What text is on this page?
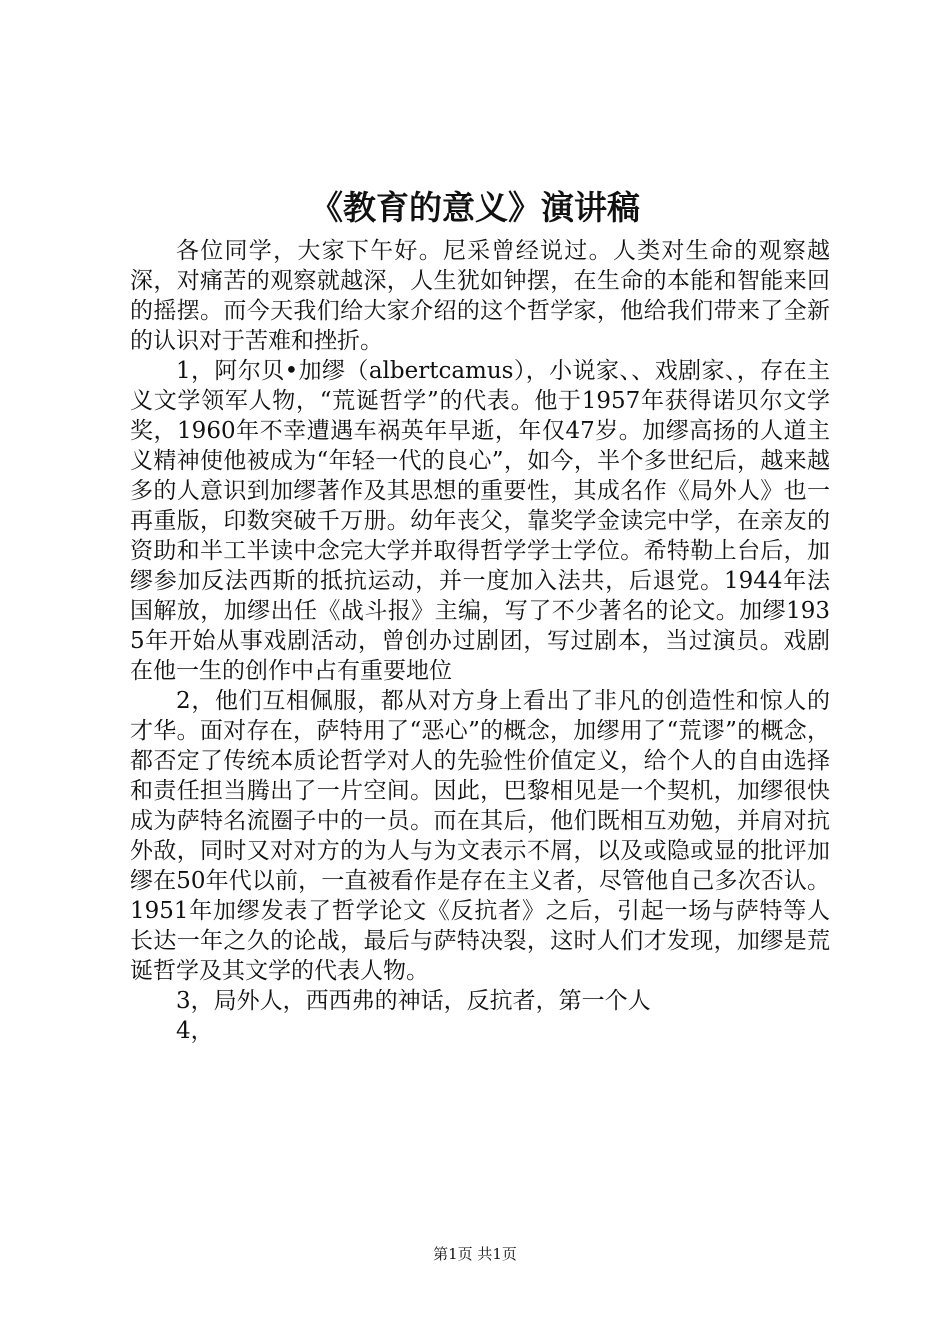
《教育的意义》演讲稿

各位同学，大家下午好。尼采曾经说过。人类对生命的观察越深，对痛苦的观察就越深，人生犹如钟摆，在生命的本能和智能来回的摇摆。而今天我们给大家介绍的这个哲学家，他给我们带来了全新的认识对于苦难和挫折。

1，阿尔贝•加缪（albertcamus），小说家、、戏剧家、，存在主义文学领军人物，“荒诞哲学”的代表。他于1957年获得诺贝尔文学奖，1960年不幸遭遇车祸英年早逝，年仅47岁。加缪高扬的人道主义精神使他被成为“年轻一代的良心”，如今，半个多世纪后，越来越多的人意识到加缪著作及其思想的重要性，其成名作《局外人》也一再重版，印数突破千万册。幼年丧父，靠奖学金读完中学，在亲友的资助和半工半读中念完大学并取得哲学学士学位。希特勒上台后，加缪参加反法西斯的抵抗运动，并一度加入法共，后退党。1944年法国解放，加缪出任《战斗报》主编，写了不少著名的论文。加缪1935年开始从事戏剧活动，曾创办过剧团，写过剧本，当过演员。戏剧在他一生的创作中占有重要地位

2，他们互相佩服，都从对方身上看出了非凡的创造性和惊人的才华。面对存在，萨特用了“恶心”的概念，加缪用了“荒谬”的概念，都否定了传统本质论哲学对人的先验性价值定义，给个人的自由选择和责任担当腾出了一片空间。因此，巴黎相见是一个契机，加缪很快成为萨特名流圈子中的一员。而在其后，他们既相互劝勉，并肩对抗外敌，同时又对对方的为人与为文表示不屑，以及或隐或显的批评加缪在50年代以前，一直被看作是存在主义者，尽管他自己多次否认。1951年加缪发表了哲学论文《反抗者》之后，引起一场与萨特等人长达一年之久的论战，最后与萨特决裂，这时人们才发现，加缪是荒诞哲学及其文学的代表人物。

3，局外人，西西弗的神话，反抗者，第一个人

4，

第1页 共1页
